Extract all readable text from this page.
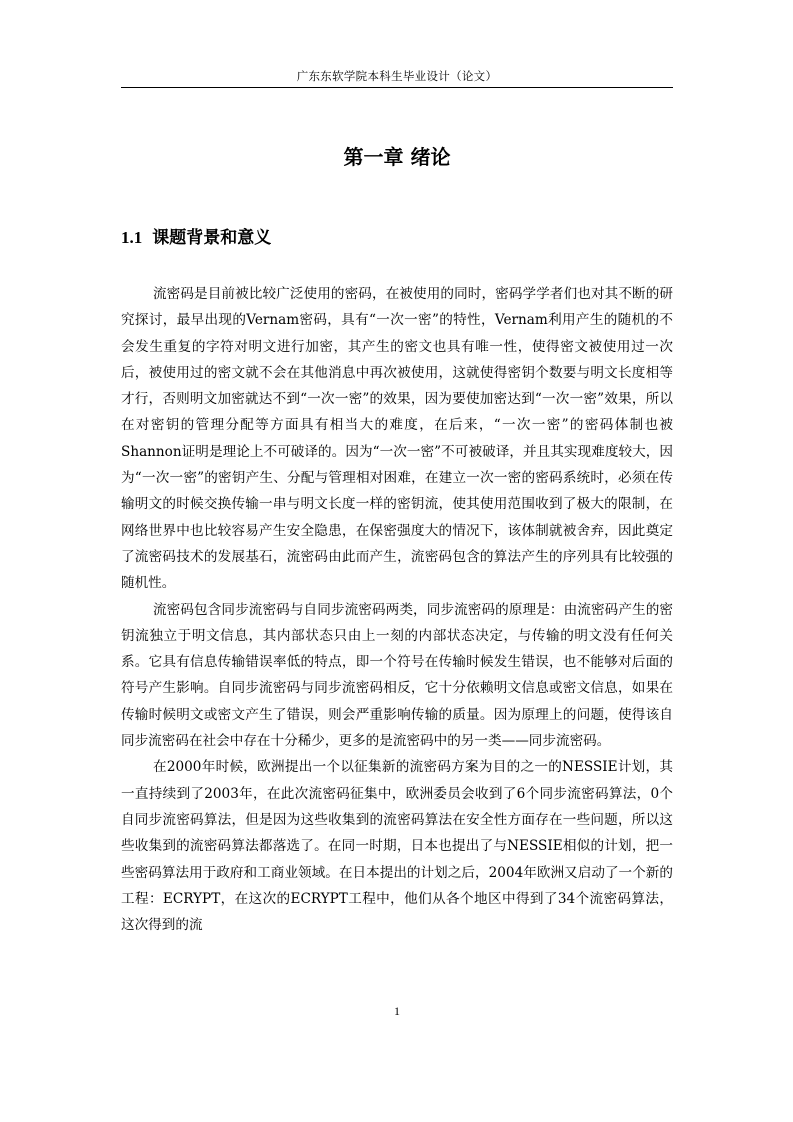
广东东软学院本科生毕业设计（论文）
第一章 绪论
1.1 课题背景和意义

流密码是目前被比较广泛使用的密码，在被使用的同时，密码学学者们也对其不断的研究探讨，最早出现的Vernam密码，具有“一次一密”的特性，Vernam利用产生的随机的不会发生重复的字符对明文进行加密，其产生的密文也具有唯一性，使得密文被使用过一次后，被使用过的密文就不会在其他消息中再次被使用，这就使得密钥个数要与明文长度相等才行，否则明文加密就达不到“一次一密”的效果，因为要使加密达到“一次一密”效果，所以在对密钥的管理分配等方面具有相当大的难度，在后来，“一次一密”的密码体制也被Shannon证明是理论上不可破译的。因为“一次一密”不可被破译，并且其实现难度较大，因为“一次一密”的密钥产生、分配与管理相对困难，在建立一次一密的密码系统时，必须在传输明文的时候交换传输一串与明文长度一样的密钥流，使其使用范围收到了极大的限制，在网络世界中也比较容易产生安全隐患，在保密强度大的情况下，该体制就被舍弃，因此奠定了流密码技术的发展基石，流密码由此而产生，流密码包含的算法产生的序列具有比较强的随机性。

流密码包含同步流密码与自同步流密码两类，同步流密码的原理是：由流密码产生的密钥流独立于明文信息，其内部状态只由上一刻的内部状态决定，与传输的明文没有任何关系。它具有信息传输错误率低的特点，即一个符号在传输时候发生错误，也不能够对后面的符号产生影响。自同步流密码与同步流密码相反，它十分依赖明文信息或密文信息，如果在传输时候明文或密文产生了错误，则会严重影响传输的质量。因为原理上的问题，使得该自同步流密码在社会中存在十分稀少，更多的是流密码中的另一类——同步流密码。

在2000年时候，欧洲提出一个以征集新的流密码方案为目的之一的NESSIE计划，其一直持续到了2003年，在此次流密码征集中，欧洲委员会收到了6个同步流密码算法，0个自同步流密码算法，但是因为这些收集到的流密码算法在安全性方面存在一些问题，所以这些收集到的流密码算法都落选了。在同一时期，日本也提出了与NESSIE相似的计划，把一些密码算法用于政府和工商业领域。在日本提出的计划之后，2004年欧洲又启动了一个新的工程：ECRYPT，在这次的ECRYPT工程中，他们从各个地区中得到了34个流密码算法，这次得到的流

1
